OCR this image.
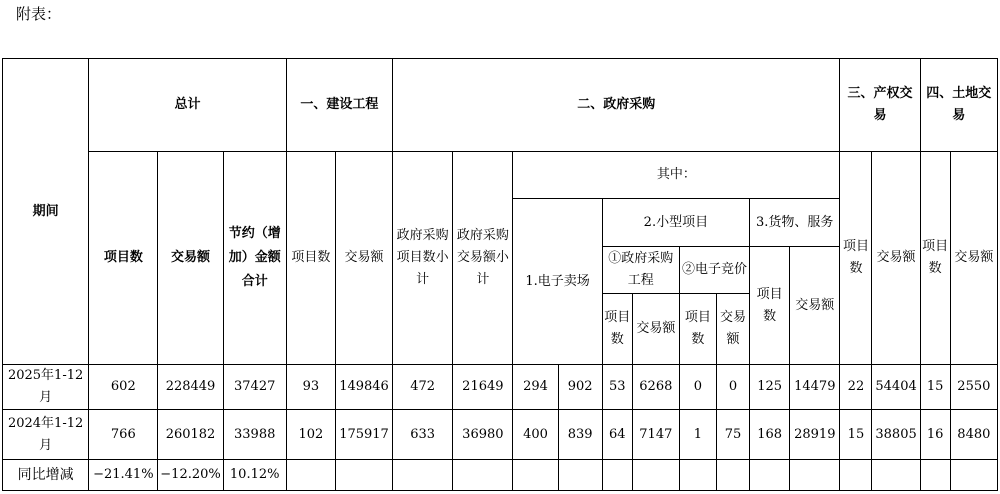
附表：
期间	总计			一、建设工程		二、政府采购										三、产权交易		四、土地交易	
	项目数	交易额	节约（增加）金额合计	项目数	交易额	政府采购项目数小计	政府采购交易额小计	其中：								项目数	交易额	项目数	交易额
								1.电子卖场		2.小型项目				3.货物、服务					
										①政府采购工程		②电子竞价		项目数	交易额				
										项目数	交易额	项目数	交易额						
2025年1-12月	602	228449	37427	93	149846	472	21649	294	902	53	6268	0	0	125	14479	22	54404	15	2550
2024年1-12月	766	260182	33988	102	175917	633	36980	400	839	64	7147	1	75	168	28919	15	38805	16	8480
同比增减	−21.41%	−12.20%	10.12%																
